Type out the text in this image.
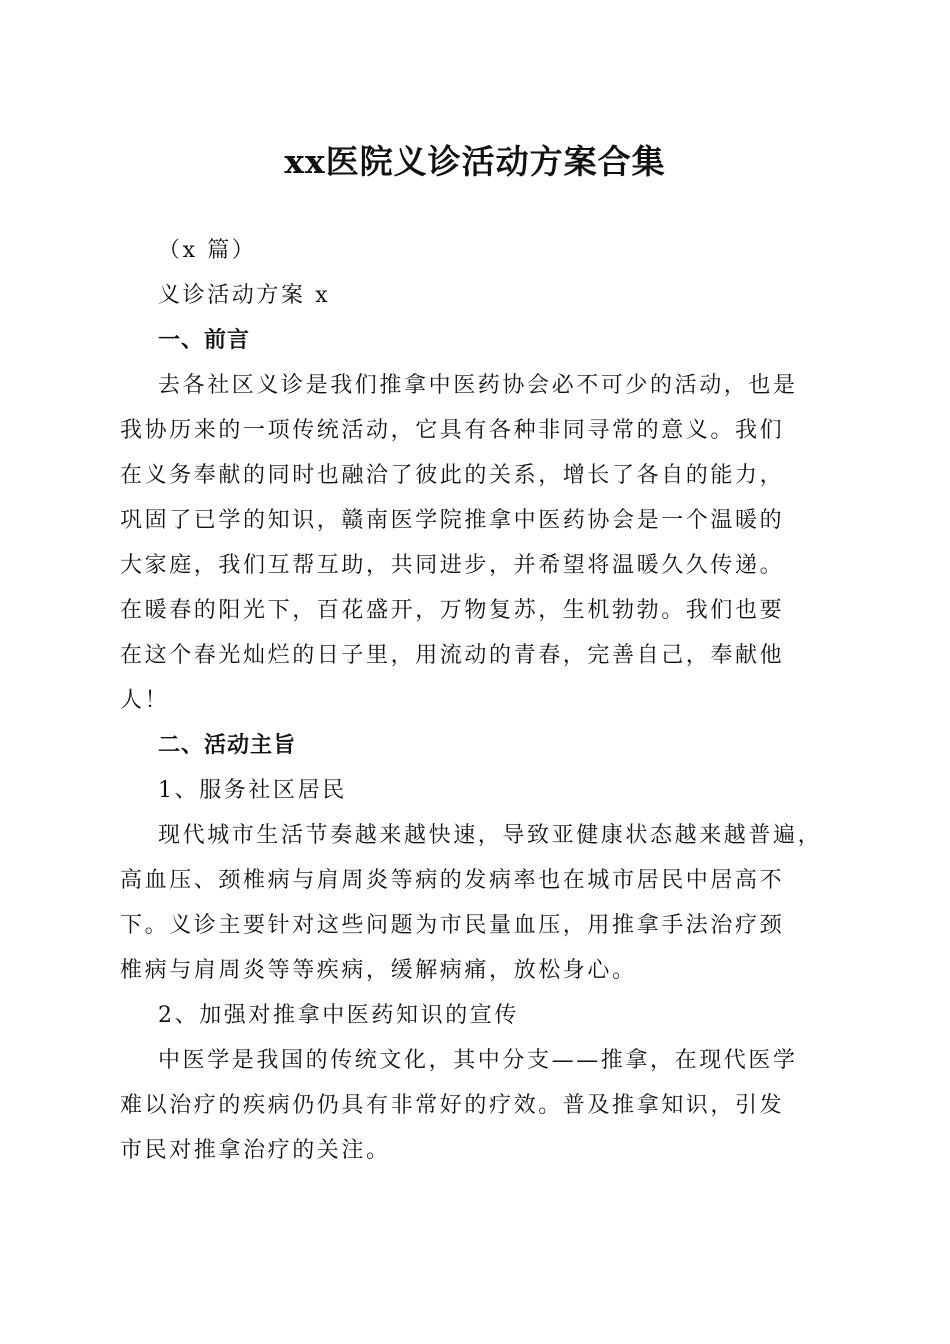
xx医院义诊活动方案合集

（x 篇）

义诊活动方案 x

一、前言

去各社区义诊是我们推拿中医药协会必不可少的活动，也是

我协历来的一项传统活动，它具有各种非同寻常的意义。我们

在义务奉献的同时也融洽了彼此的关系，增长了各自的能力，

巩固了已学的知识，赣南医学院推拿中医药协会是一个温暖的

大家庭，我们互帮互助，共同进步，并希望将温暖久久传递。

在暖春的阳光下，百花盛开，万物复苏，生机勃勃。我们也要

在这个春光灿烂的日子里，用流动的青春，完善自己，奉献他

人！

二、活动主旨

1、服务社区居民

现代城市生活节奏越来越快速，导致亚健康状态越来越普遍，

高血压、颈椎病与肩周炎等病的发病率也在城市居民中居高不

下。义诊主要针对这些问题为市民量血压，用推拿手法治疗颈

椎病与肩周炎等等疾病，缓解病痛，放松身心。

2、加强对推拿中医药知识的宣传

中医学是我国的传统文化，其中分支——推拿，在现代医学

难以治疗的疾病仍仍具有非常好的疗效。普及推拿知识，引发

市民对推拿治疗的关注。
